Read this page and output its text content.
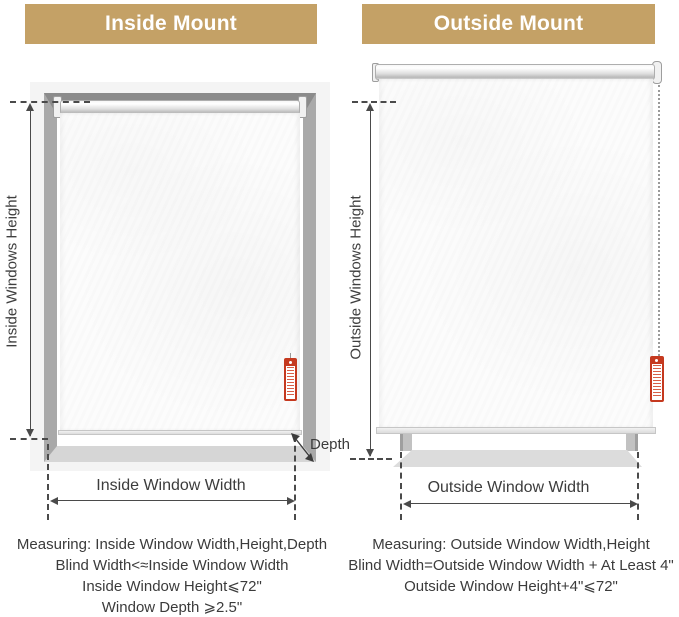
Inside Mount
Inside Windows Height
Inside Window Width
Depth
Measuring: Inside Window Width,Height,Depth
Blind Width<≈Inside Window Width
Inside Window Height⩽72"
Window Depth ⩾2.5"
Outside Mount
Outside Windows Height
Outside Window Width
Measuring: Outside Window Width,Height
Blind Width=Outside Window Width + At Least 4"
Outside Window Height+4"⩽72"
